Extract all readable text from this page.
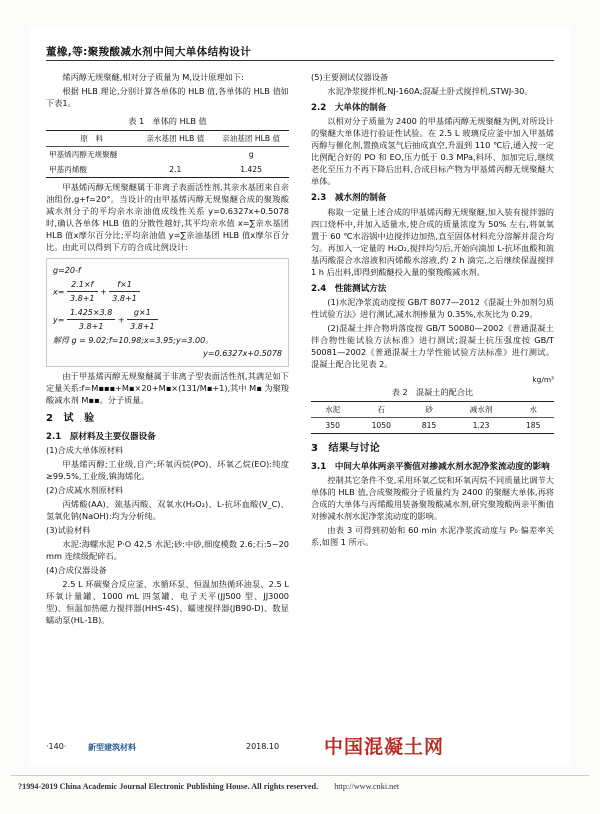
董橡,等:聚羧酸减水剂中间大单体结构设计

烯丙醇无规聚醚,相对分子质量为 M,设计原理如下:

根据 HLB 理论,分别计算各单体的 HLB 值,各单体的 HLB 值如下表1。

表 1　单体的 HLB 值

原　料	亲水基团 HLB 值	亲油基团 HLB 值
甲基烯丙醇无规聚醚		g
甲基丙烯酸	2.1	1.425

甲基烯丙醇无规聚醚属于非离子表面活性剂,其亲水基团来自亲油组份,g+f=20°。当设计的由甲基烯丙醇无规聚醚合成的聚羧酸减水剂分子的平均亲水亲油值成线性关系 y=0.6327x+0.5078 时,确认各单体 HLB 值的分散性越好,其平均亲水值 x=∑亲水基团 HLB 值x摩尔百分比;平均亲油值 y=∑亲油基团 HLB 值x摩尔百分比。由此可以得到下方的合成比例设计:

g=20-f
$x= \frac{2.1\times f}{3.8+1} + \frac{f\times 1}{3.8+1}$
$y= \frac{1.425\times 3.8}{3.8+1} + \frac{g\times 1}{3.8+1}$
解得 g = 9.02;f=10.98;x=3.95;y=3.00。
y=0.6327x+0.5078

由于甲基烯丙醇无规聚醚属于非离子型表面活性剂,其满足如下定量关系:f=M▪▪▪+M▪×20+M▪×(131/M▪+1),其中 M▪ 为聚羧酸减水剂 M▪▪。分子质量。

2　试　验

2.1　原材料及主要仪器设备

(1)合成大单体原材料

甲基烯丙醇;工业级,自产;环氧丙烷(PO)、环氧乙烷(EO):纯度≥99.5%,工业级,镇海烯化。

(2)合成减水剂原材料

丙烯酸(AA)、巯基丙酸、双氧水(H₂O₂)、L-抗坏血酸(V_C)、氢氧化钠(NaOH):均为分析纯。

(3)试验材料

水泥:海螺水泥 P·O 42.5 水泥;砂:中砂,细度模数 2.6;石:5~20 mm 连续级配碎石。

(4)合成仪器设备

2.5 L 环碳聚合反应釜、水循环泵、恒温加热循环油泵、2.5 L 环氧计量罐、1000 mL 四氢罐、电子天平(JJ500 型、JJ3000 型)、恒温加热磁力搅拌器(HHS-4S)、蠕速搅拌器(JB90-D)、数显蠕动泵(HL-1B)。

(5)主要测试仪器设备

水泥净浆搅拌机,NJ-160A;混凝土卧式搅拌机,STWJ-30。

2.2　大单体的制备

以相对分子质量为 2400 的甲基烯丙醇无规聚醚为例,对所设计的聚醚大单体进行验证性试验。在 2.5 L 玻璃反应釜中加入甲基烯丙醇与催化剂,置换成氢气后抽成真空,升温到 110 ℃后,通入按一定比例配合好的 PO 和 EO,压力低于 0.3 MPa,料环、加加完后,继续老化至压力不再下降后出料,合成目标产物为甲基烯丙醇无规聚醚大单体。

2.3　减水剂的制备

称取一定量上述合成的甲基烯丙醇无规聚醚,加入装有搅拌器的四口烧杯中,并加入适量水,使合成的质量浓度为 50% 左右,将氧氧置于 60 ℃水浴锅中边搅拌边加热,直至固体材料充分溶解并混合均匀。再加入一定量的 H₂O₂,搅拌均匀后,开始向滴加 L-抗坏血酸和巯基丙酸混合水溶液和丙烯酸水溶液,约 2 h 滴完,之后继续保温搅拌 1 h 后出料,即得到酸醚投入量的聚羧酸减水剂。

2.4　性能测试方法

(1)水泥净浆流动度按 GB/T 8077—2012《混凝土外加剂匀质性试验方法》进行测试,减水剂掺量为 0.35%,水灰比为 0.29。

(2)混凝土拌合物坍落度按 GB/T 50080—2002《普通混凝土拌合物性能试验方法标准》进行测试;混凝土抗压强度按 GB/T 50081—2002《普通混凝土力学性能试验方法标准》进行测试。混凝土配合比见表 2。

kg/m³

表 2　混凝土的配合比

水泥	石	砂	减水剂	水
350	1050	815	1.23	185

3　结果与讨论

3.1　中间大单体两亲平衡值对掺减水剂水泥净浆流动度的影响

控制其它条件不变,采用环氧乙烷和环氧丙烷不同质量比调节大单体的 HLB 值,合成聚羧酸分子质量约为 2400 的聚醚大单体,再将合成的大单体与丙烯酸用装备聚羧酸减水剂,研究聚羧酸两亲平衡值对掺减水剂水泥净浆流动度的影响。

由表 3 可得到初始和 60 min 水泥净浆流动度与 P₀ 偏差率关系,如图 1 所示。

·140·	新型建筑材料	2018.10 中国混凝土网
?1994-2019 China Academic Journal Electronic Publishing House. All rights reserved. http://www.cnki.net
